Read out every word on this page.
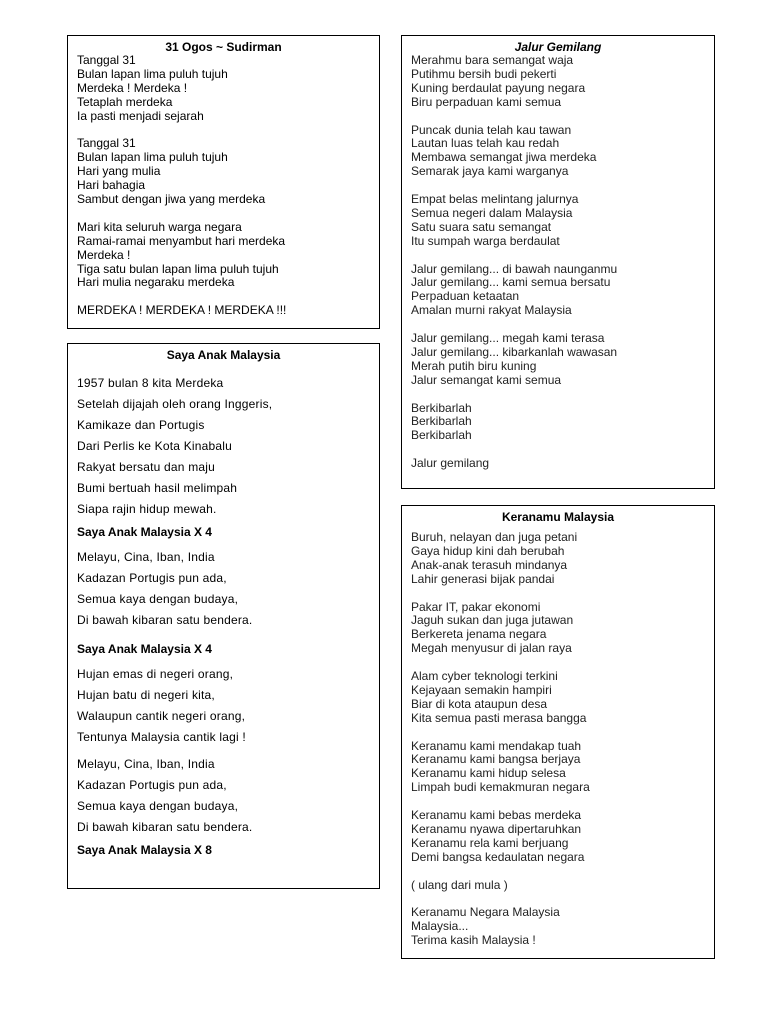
31 Ogos ~ Sudirman
Tanggal 31
Bulan lapan lima puluh tujuh
Merdeka ! Merdeka !
Tetaplah merdeka
Ia pasti menjadi sejarah
Tanggal 31
Bulan lapan lima puluh tujuh
Hari yang mulia
Hari bahagia
Sambut dengan jiwa yang merdeka
Mari kita seluruh warga negara
Ramai-ramai menyambut hari merdeka
Merdeka !
Tiga satu bulan lapan lima puluh tujuh
Hari mulia negaraku merdeka
MERDEKA ! MERDEKA ! MERDEKA !!!
Jalur Gemilang
Merahmu bara semangat waja
Putihmu bersih budi pekerti
Kuning berdaulat payung negara
Biru perpaduan kami semua
Puncak dunia telah kau tawan
Lautan luas telah kau redah
Membawa semangat jiwa merdeka
Semarak jaya kami warganya
Empat belas melintang jalurnya
Semua negeri dalam Malaysia
Satu suara satu semangat
Itu sumpah warga berdaulat
Jalur gemilang... di bawah naunganmu
Jalur gemilang... kami semua bersatu
Perpaduan ketaatan
Amalan murni rakyat Malaysia
Jalur gemilang... megah kami terasa
Jalur gemilang... kibarkanlah wawasan
Merah putih biru kuning
Jalur semangat kami semua
Berkibarlah
Berkibarlah
Berkibarlah
Jalur gemilang
Saya Anak Malaysia
1957 bulan 8 kita Merdeka
Setelah dijajah oleh orang Inggeris,
Kamikaze dan Portugis
Dari Perlis ke Kota Kinabalu
Rakyat bersatu dan maju
Bumi bertuah hasil melimpah
Siapa rajin hidup mewah.
Saya Anak Malaysia X 4
Melayu, Cina, Iban, India
Kadazan Portugis pun ada,
Semua kaya dengan budaya,
Di bawah kibaran satu bendera.
Saya Anak Malaysia X 4
Hujan emas di negeri orang,
Hujan batu di negeri kita,
Walaupun cantik negeri orang,
Tentunya Malaysia cantik lagi !
Melayu, Cina, Iban, India
Kadazan Portugis pun ada,
Semua kaya dengan budaya,
Di bawah kibaran satu bendera.
Saya Anak Malaysia X 8
Keranamu Malaysia
Buruh, nelayan dan juga petani
Gaya hidup kini dah berubah
Anak-anak terasuh mindanya
Lahir generasi bijak pandai
Pakar IT, pakar ekonomi
Jaguh sukan dan juga jutawan
Berkereta jenama negara
Megah menyusur di jalan raya
Alam cyber teknologi terkini
Kejayaan semakin hampiri
Biar di kota ataupun desa
Kita semua pasti merasa bangga
Keranamu kami mendakap tuah
Keranamu kami bangsa berjaya
Keranamu kami hidup selesa
Limpah budi kemakmuran negara
Keranamu kami bebas merdeka
Keranamu nyawa dipertaruhkan
Keranamu rela kami berjuang
Demi bangsa kedaulatan negara
( ulang dari mula )
Keranamu Negara Malaysia
Malaysia...
Terima kasih Malaysia !
